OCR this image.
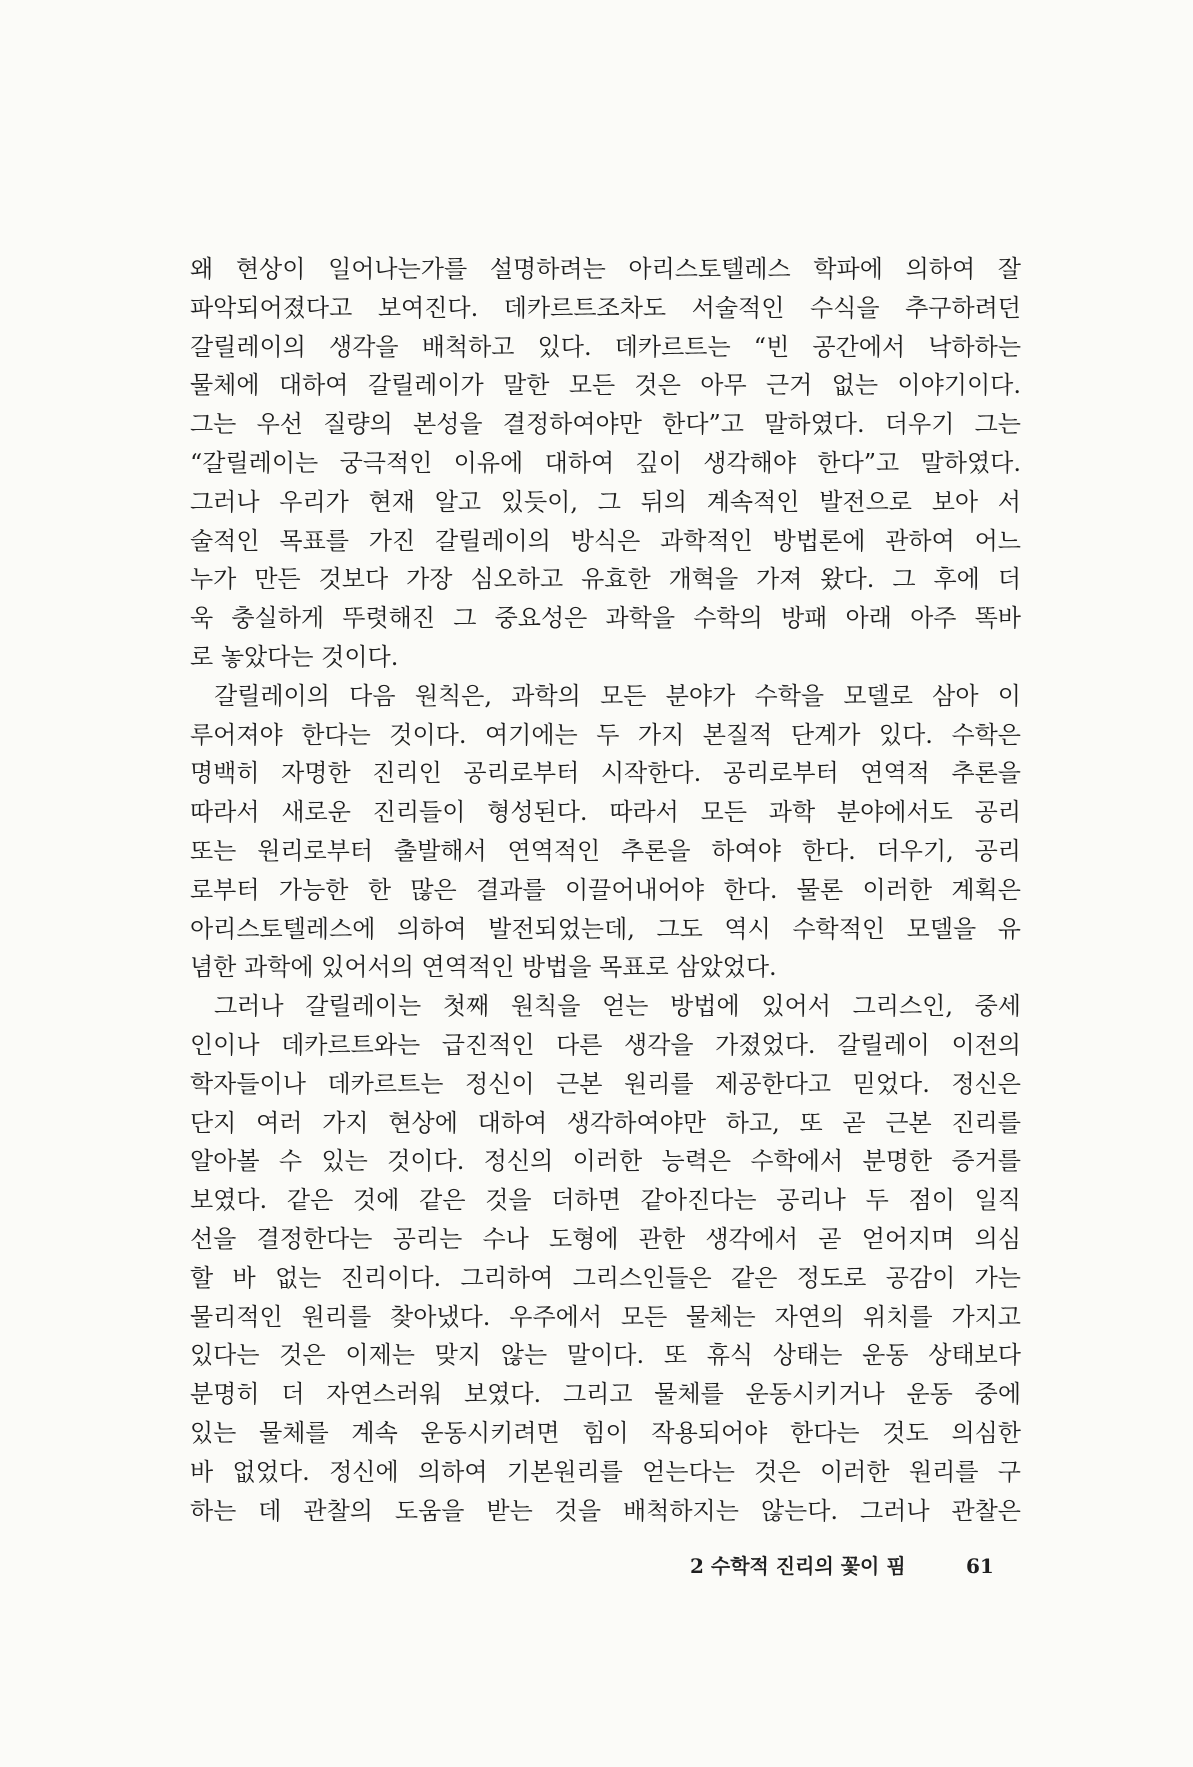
왜 현상이 일어나는가를 설명하려는 아리스토텔레스 학파에 의하여 잘
파악되어졌다고 보여진다. 데카르트조차도 서술적인 수식을 추구하려던
갈릴레이의 생각을 배척하고 있다. 데카르트는 “빈 공간에서 낙하하는
물체에 대하여 갈릴레이가 말한 모든 것은 아무 근거 없는 이야기이다.
그는 우선 질량의 본성을 결정하여야만 한다”고 말하였다. 더우기 그는
“갈릴레이는 궁극적인 이유에 대하여 깊이 생각해야 한다”고 말하였다.
그러나 우리가 현재 알고 있듯이, 그 뒤의 계속적인 발전으로 보아 서
술적인 목표를 가진 갈릴레이의 방식은 과학적인 방법론에 관하여 어느
누가 만든 것보다 가장 심오하고 유효한 개혁을 가져 왔다. 그 후에 더
욱 충실하게 뚜렷해진 그 중요성은 과학을 수학의 방패 아래 아주 똑바
로 놓았다는 것이다.
갈릴레이의 다음 원칙은, 과학의 모든 분야가 수학을 모델로 삼아 이
루어져야 한다는 것이다. 여기에는 두 가지 본질적 단계가 있다. 수학은
명백히 자명한 진리인 공리로부터 시작한다. 공리로부터 연역적 추론을
따라서 새로운 진리들이 형성된다. 따라서 모든 과학 분야에서도 공리
또는 원리로부터 출발해서 연역적인 추론을 하여야 한다. 더우기, 공리
로부터 가능한 한 많은 결과를 이끌어내어야 한다. 물론 이러한 계획은
아리스토텔레스에 의하여 발전되었는데, 그도 역시 수학적인 모델을 유
념한 과학에 있어서의 연역적인 방법을 목표로 삼았었다.
그러나 갈릴레이는 첫째 원칙을 얻는 방법에 있어서 그리스인, 중세
인이나 데카르트와는 급진적인 다른 생각을 가졌었다. 갈릴레이 이전의
학자들이나 데카르트는 정신이 근본 원리를 제공한다고 믿었다. 정신은
단지 여러 가지 현상에 대하여 생각하여야만 하고, 또 곧 근본 진리를
알아볼 수 있는 것이다. 정신의 이러한 능력은 수학에서 분명한 증거를
보였다. 같은 것에 같은 것을 더하면 같아진다는 공리나 두 점이 일직
선을 결정한다는 공리는 수나 도형에 관한 생각에서 곧 얻어지며 의심
할 바 없는 진리이다. 그리하여 그리스인들은 같은 정도로 공감이 가는
물리적인 원리를 찾아냈다. 우주에서 모든 물체는 자연의 위치를 가지고
있다는 것은 이제는 맞지 않는 말이다. 또 휴식 상태는 운동 상태보다
분명히 더 자연스러워 보였다. 그리고 물체를 운동시키거나 운동 중에
있는 물체를 계속 운동시키려면 힘이 작용되어야 한다는 것도 의심한
바 없었다. 정신에 의하여 기본원리를 얻는다는 것은 이러한 원리를 구
하는 데 관찰의 도움을 받는 것을 배척하지는 않는다. 그러나 관찰은
2 수학적 진리의 꽃이 핌	61
